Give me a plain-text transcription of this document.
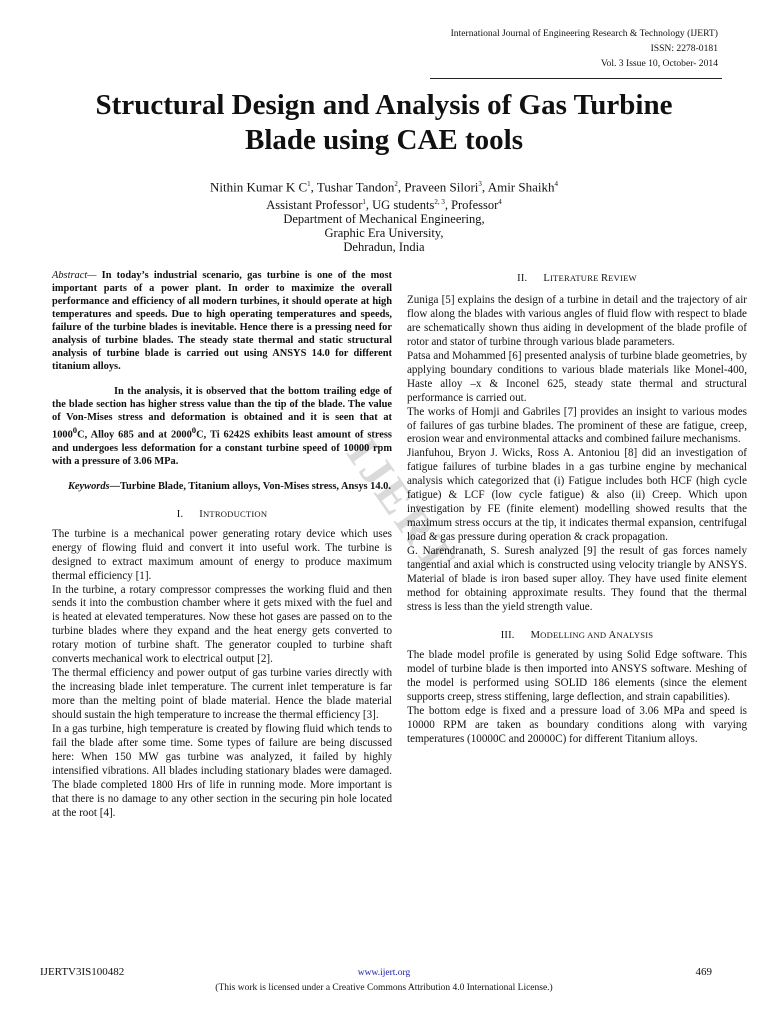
International Journal of Engineering Research & Technology (IJERT)
ISSN: 2278-0181
Vol. 3 Issue 10, October- 2014
Structural Design and Analysis of Gas Turbine
Blade using CAE tools
Nithin Kumar K $C^1$, Tushar Tandon$^2$, Praveen Silori$^3$, Amir Shaikh$^4$
Assistant Professor$^1$, UG students$^{2, 3}$, Professor$^4$
Department of Mechanical Engineering,
Graphic Era University,
Dehradun, India
IJERT

Abstract— In today’s industrial scenario, gas turbine is one of the most important parts of a power plant. In order to maximize the overall performance and efficiency of all modern turbines, it should operate at high temperatures and speeds. Due to high operating temperatures and speeds, failure of the turbine blades is inevitable. Hence there is a pressing need for analysis of turbine blades. The steady state thermal and static structural analysis of turbine blade is carried out using ANSYS 14.0 for different titanium alloys.

In the analysis, it is observed that the bottom trailing edge of the blade section has higher stress value than the tip of the blade. The value of Von-Mises stress and deformation is obtained and it is seen that at 1000$^0$C, Alloy 685 and at 2000$^0$C, Ti 6242S exhibits least amount of stress and undergoes less deformation for a constant turbine speed of 10000 rpm with a pressure of 3.06 MPa.

Keywords—Turbine Blade, Titanium alloys, Von-Mises stress, Ansys 14.0.

I. INTRODUCTION

The turbine is a mechanical power generating rotary device which uses energy of flowing fluid and convert it into useful work. The turbine is designed to extract maximum amount of energy to produce maximum thermal efficiency [1].

In the turbine, a rotary compressor compresses the working fluid and then sends it into the combustion chamber where it gets mixed with the fuel and is heated at elevated temperatures. Now these hot gases are passed on to the turbine blades where they expand and the heat energy gets converted to rotary motion of turbine shaft. The generator coupled to turbine shaft converts mechanical work to electrical output [2].

The thermal efficiency and power output of gas turbine varies directly with the increasing blade inlet temperature. The current inlet temperature is far more than the melting point of blade material. Hence the blade material should sustain the high temperature to increase the thermal efficiency [3].

In a gas turbine, high temperature is created by flowing fluid which tends to fail the blade after some time. Some types of failure are being discussed here: When 150 MW gas turbine was analyzed, it failed by highly intensified vibrations. All blades including stationary blades were damaged. The blade completed 1800 Hrs of life in running mode. More important is that there is no damage to any other section in the securing pin hole located at the root [4].

II. LITERATURE REVIEW

Zuniga [5] explains the design of a turbine in detail and the trajectory of air flow along the blades with various angles of fluid flow with respect to blade are schematically shown thus aiding in development of the blade profile of rotor and stator of turbine through various blade parameters.

Patsa and Mohammed [6] presented analysis of turbine blade geometries, by applying boundary conditions to various blade materials like Monel-400, Haste alloy –x & Inconel 625, steady state thermal and structural performance is carried out.

The works of Homji and Gabriles [7] provides an insight to various modes of failures of gas turbine blades. The prominent of these are fatigue, creep, erosion wear and environmental attacks and combined failure mechanisms.

Jianfuhou, Bryon J. Wicks, Ross A. Antoniou [8] did an investigation of fatigue failures of turbine blades in a gas turbine engine by mechanical analysis which categorized that (i) Fatigue includes both HCF (high cycle fatigue) & LCF (low cycle fatigue) & also (ii) Creep. Which upon investigation by FE (finite element) modelling showed results that the maximum stress occurs at the tip, it indicates thermal expansion, centrifugal load & gas pressure during operation & crack propagation.

G. Narendranath, S. Suresh analyzed [9] the result of gas forces namely tangential and axial which is constructed using velocity triangle by ANSYS. Material of blade is iron based super alloy. They have used finite element method for obtaining approximate results. They found that the thermal stress is less than the yield strength value.

III. MODELLING AND ANALYSIS

The blade model profile is generated by using Solid Edge software. This model of turbine blade is then imported into ANSYS software. Meshing of the model is performed using SOLID 186 elements (since the element supports creep, stress stiffening, large deflection, and strain capabilities).

The bottom edge is fixed and a pressure load of 3.06 MPa and speed is 10000 RPM are taken as boundary conditions along with varying temperatures (10000C and 20000C) for different Titanium alloys.

IJERTV3IS100482	www.ijert.org	469
(This work is licensed under a Creative Commons Attribution 4.0 International License.)
